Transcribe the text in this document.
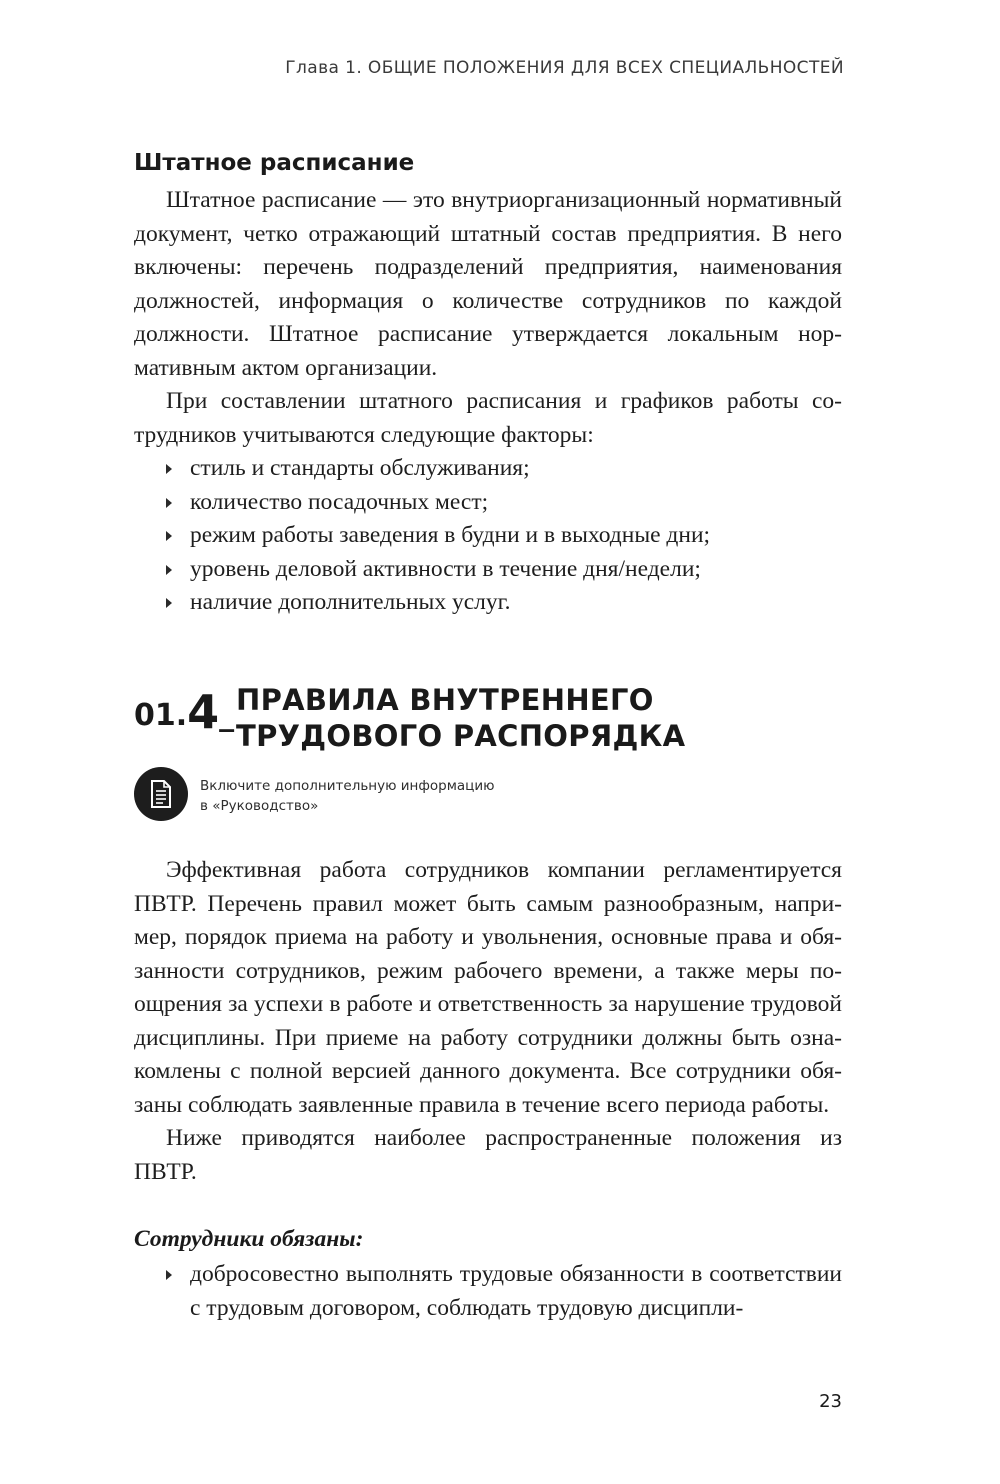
Глава 1. ОБЩИЕ ПОЛОЖЕНИЯ ДЛЯ ВСЕХ СПЕЦИАЛЬНОСТЕЙ
Штатное расписание

Штатное расписание — это внутриорганизационный нормативный документ, четко отражающий штатный состав предприятия. В него включены: перечень подразделений предприятия, наименования должностей, информация о количестве сотрудников по каждой должности. Штатное расписание утверждается локальным нормативным актом организации.

При составлении штатного расписания и графиков работы сотрудников учитываются следующие факторы:

стиль и стандарты обслуживания;
количество посадочных мест;
режим работы заведения в будни и в выходные дни;
уровень деловой активности в течение дня/недели;
наличие дополнительных услуг.
01.4_ ПРАВИЛА ВНУТРЕННЕГО
ТРУДОВОГО РАСПОРЯДКА
Включите дополнительную информацию
в «Руководство»

Эффективная работа сотрудников компании регламентируется ПВТР. Перечень правил может быть самым разнообразным, например, порядок приема на работу и увольнения, основные права и обязанности сотрудников, режим рабочего времени, а также меры поощрения за успехи в работе и ответственность за нарушение трудовой дисциплины. При приеме на работу сотрудники должны быть ознакомлены с полной версией данного документа. Все сотрудники обязаны соблюдать заявленные правила в течение всего периода работы.

Ниже приводятся наиболее распространенные положения из ПВТР.

Сотрудники обязаны:
добросовестно выполнять трудовые обязанности в соответствии с трудовым договором, соблюдать трудовую дисципли-
23
